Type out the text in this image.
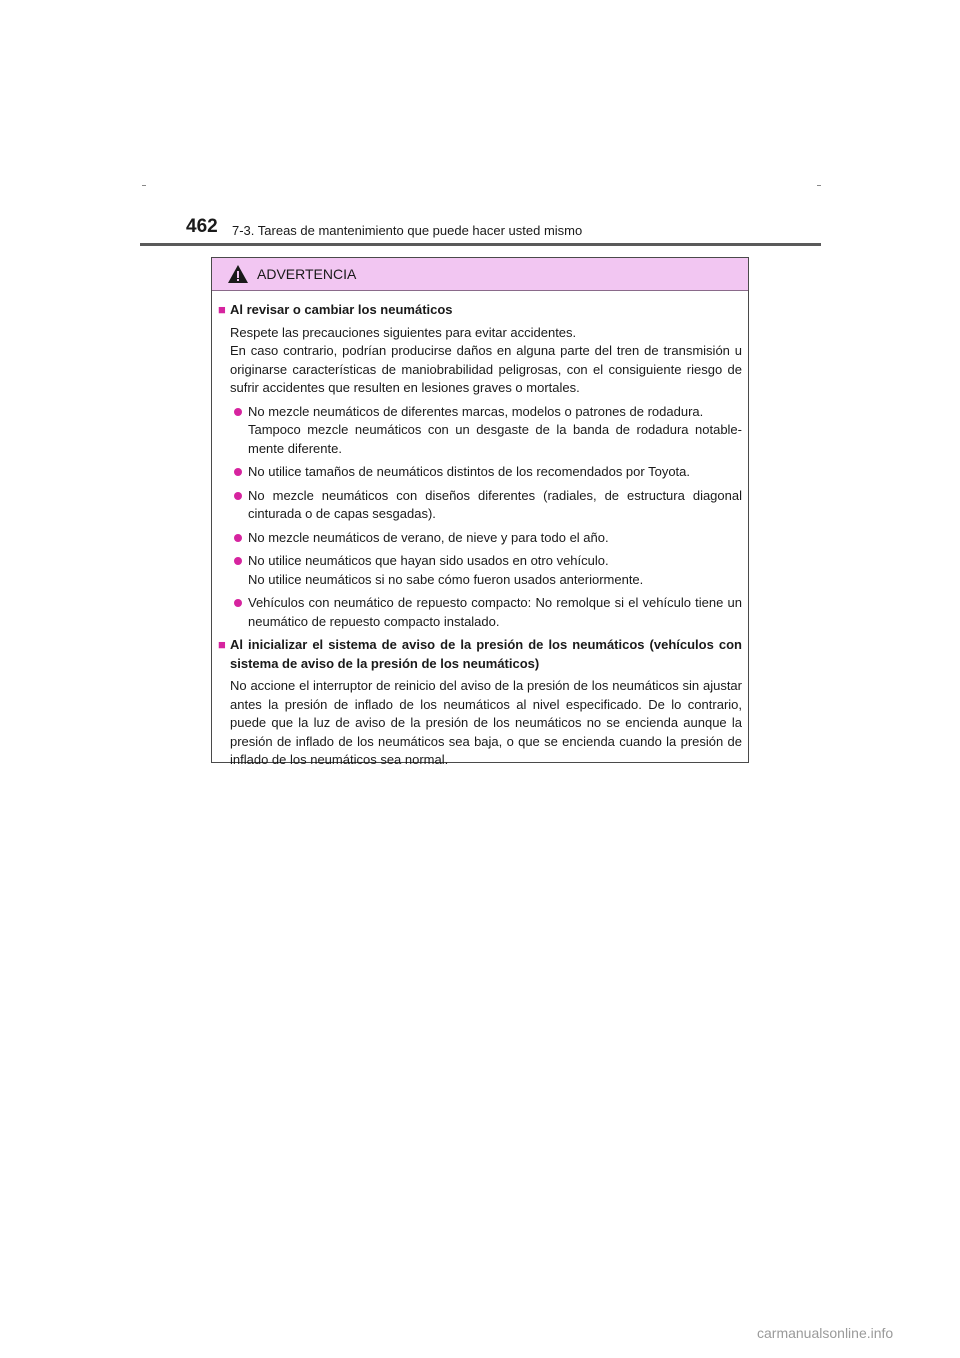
462 7-3. Tareas de mantenimiento que puede hacer usted mismo
ADVERTENCIA
■ Al revisar o cambiar los neumáticos
Respete las precauciones siguientes para evitar accidentes.
En caso contrario, podrían producirse daños en alguna parte del tren de transmisión u originarse características de maniobrabilidad peligrosas, con el consiguiente riesgo de sufrir accidentes que resulten en lesiones graves o mortales.
No mezcle neumáticos de diferentes marcas, modelos o patrones de rodadura.
Tampoco mezcle neumáticos con un desgaste de la banda de rodadura notable-mente diferente.
No utilice tamaños de neumáticos distintos de los recomendados por Toyota.
No mezcle neumáticos con diseños diferentes (radiales, de estructura diagonal cinturada o de capas sesgadas).
No mezcle neumáticos de verano, de nieve y para todo el año.
No utilice neumáticos que hayan sido usados en otro vehículo.
No utilice neumáticos si no sabe cómo fueron usados anteriormente.
Vehículos con neumático de repuesto compacto: No remolque si el vehículo tiene un neumático de repuesto compacto instalado.
■ Al inicializar el sistema de aviso de la presión de los neumáticos (vehículos con sistema de aviso de la presión de los neumáticos)
No accione el interruptor de reinicio del aviso de la presión de los neumáticos sin ajustar antes la presión de inflado de los neumáticos al nivel especificado. De lo contrario, puede que la luz de aviso de la presión de los neumáticos no se encienda aunque la presión de inflado de los neumáticos sea baja, o que se encienda cuando la presión de inflado de los neumáticos sea normal.
carmanualsonline.info
